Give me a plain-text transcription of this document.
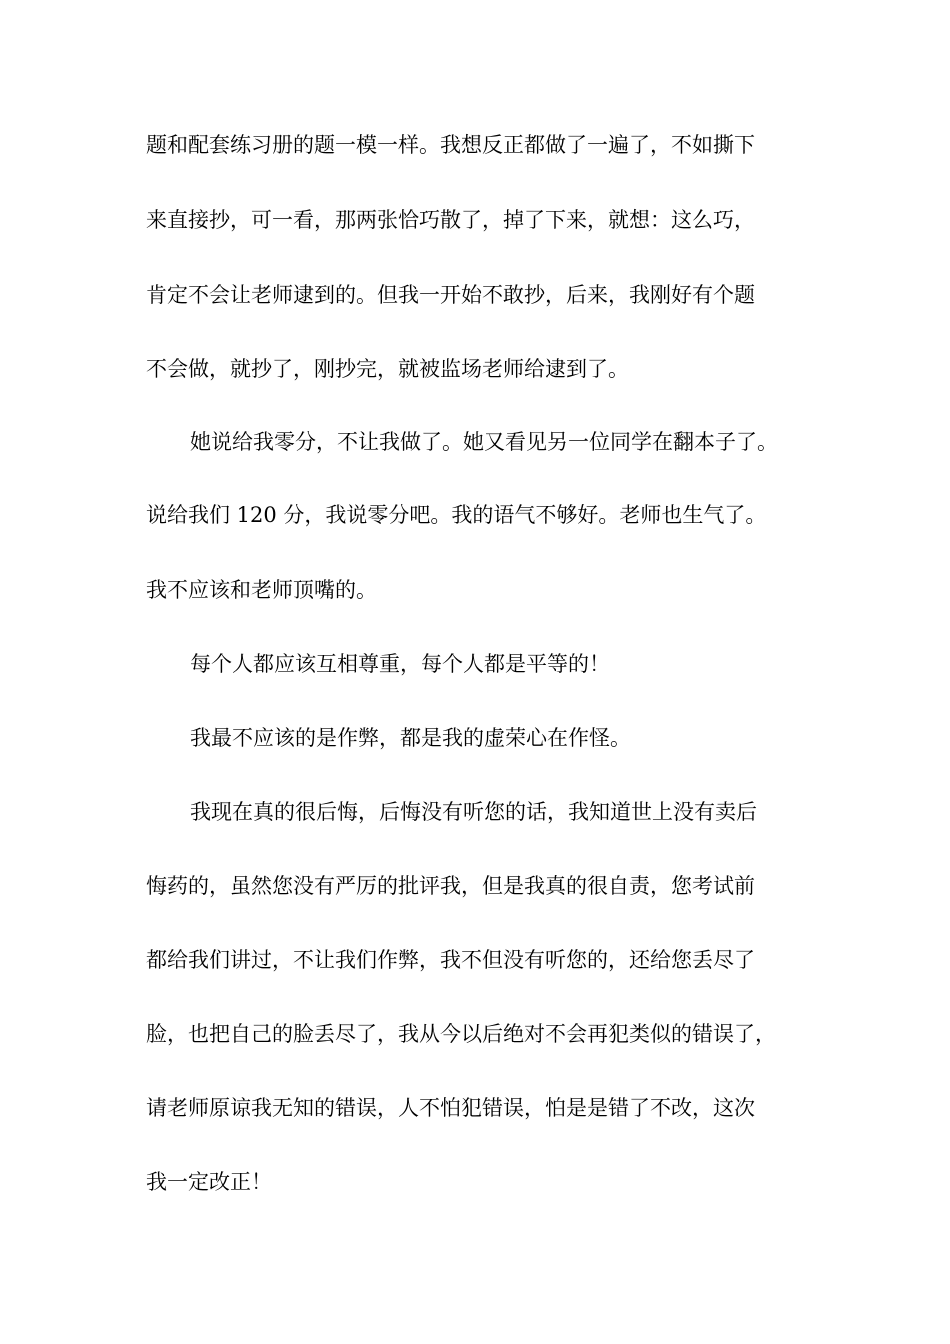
题和配套练习册的题一模一样。我想反正都做了一遍了，不如撕下
来直接抄，可一看，那两张恰巧散了，掉了下来，就想：这么巧，
肯定不会让老师逮到的。但我一开始不敢抄，后来，我刚好有个题
不会做，就抄了，刚抄完，就被监场老师给逮到了。
她说给我零分，不让我做了。她又看见另一位同学在翻本子了。
说给我们 120 分，我说零分吧。我的语气不够好。老师也生气了。
我不应该和老师顶嘴的。
每个人都应该互相尊重，每个人都是平等的！
我最不应该的是作弊，都是我的虚荣心在作怪。
我现在真的很后悔，后悔没有听您的话，我知道世上没有卖后
悔药的，虽然您没有严厉的批评我，但是我真的很自责，您考试前
都给我们讲过，不让我们作弊，我不但没有听您的，还给您丢尽了
脸，也把自己的脸丢尽了，我从今以后绝对不会再犯类似的错误了，
请老师原谅我无知的错误，人不怕犯错误，怕是是错了不改，这次
我一定改正！
